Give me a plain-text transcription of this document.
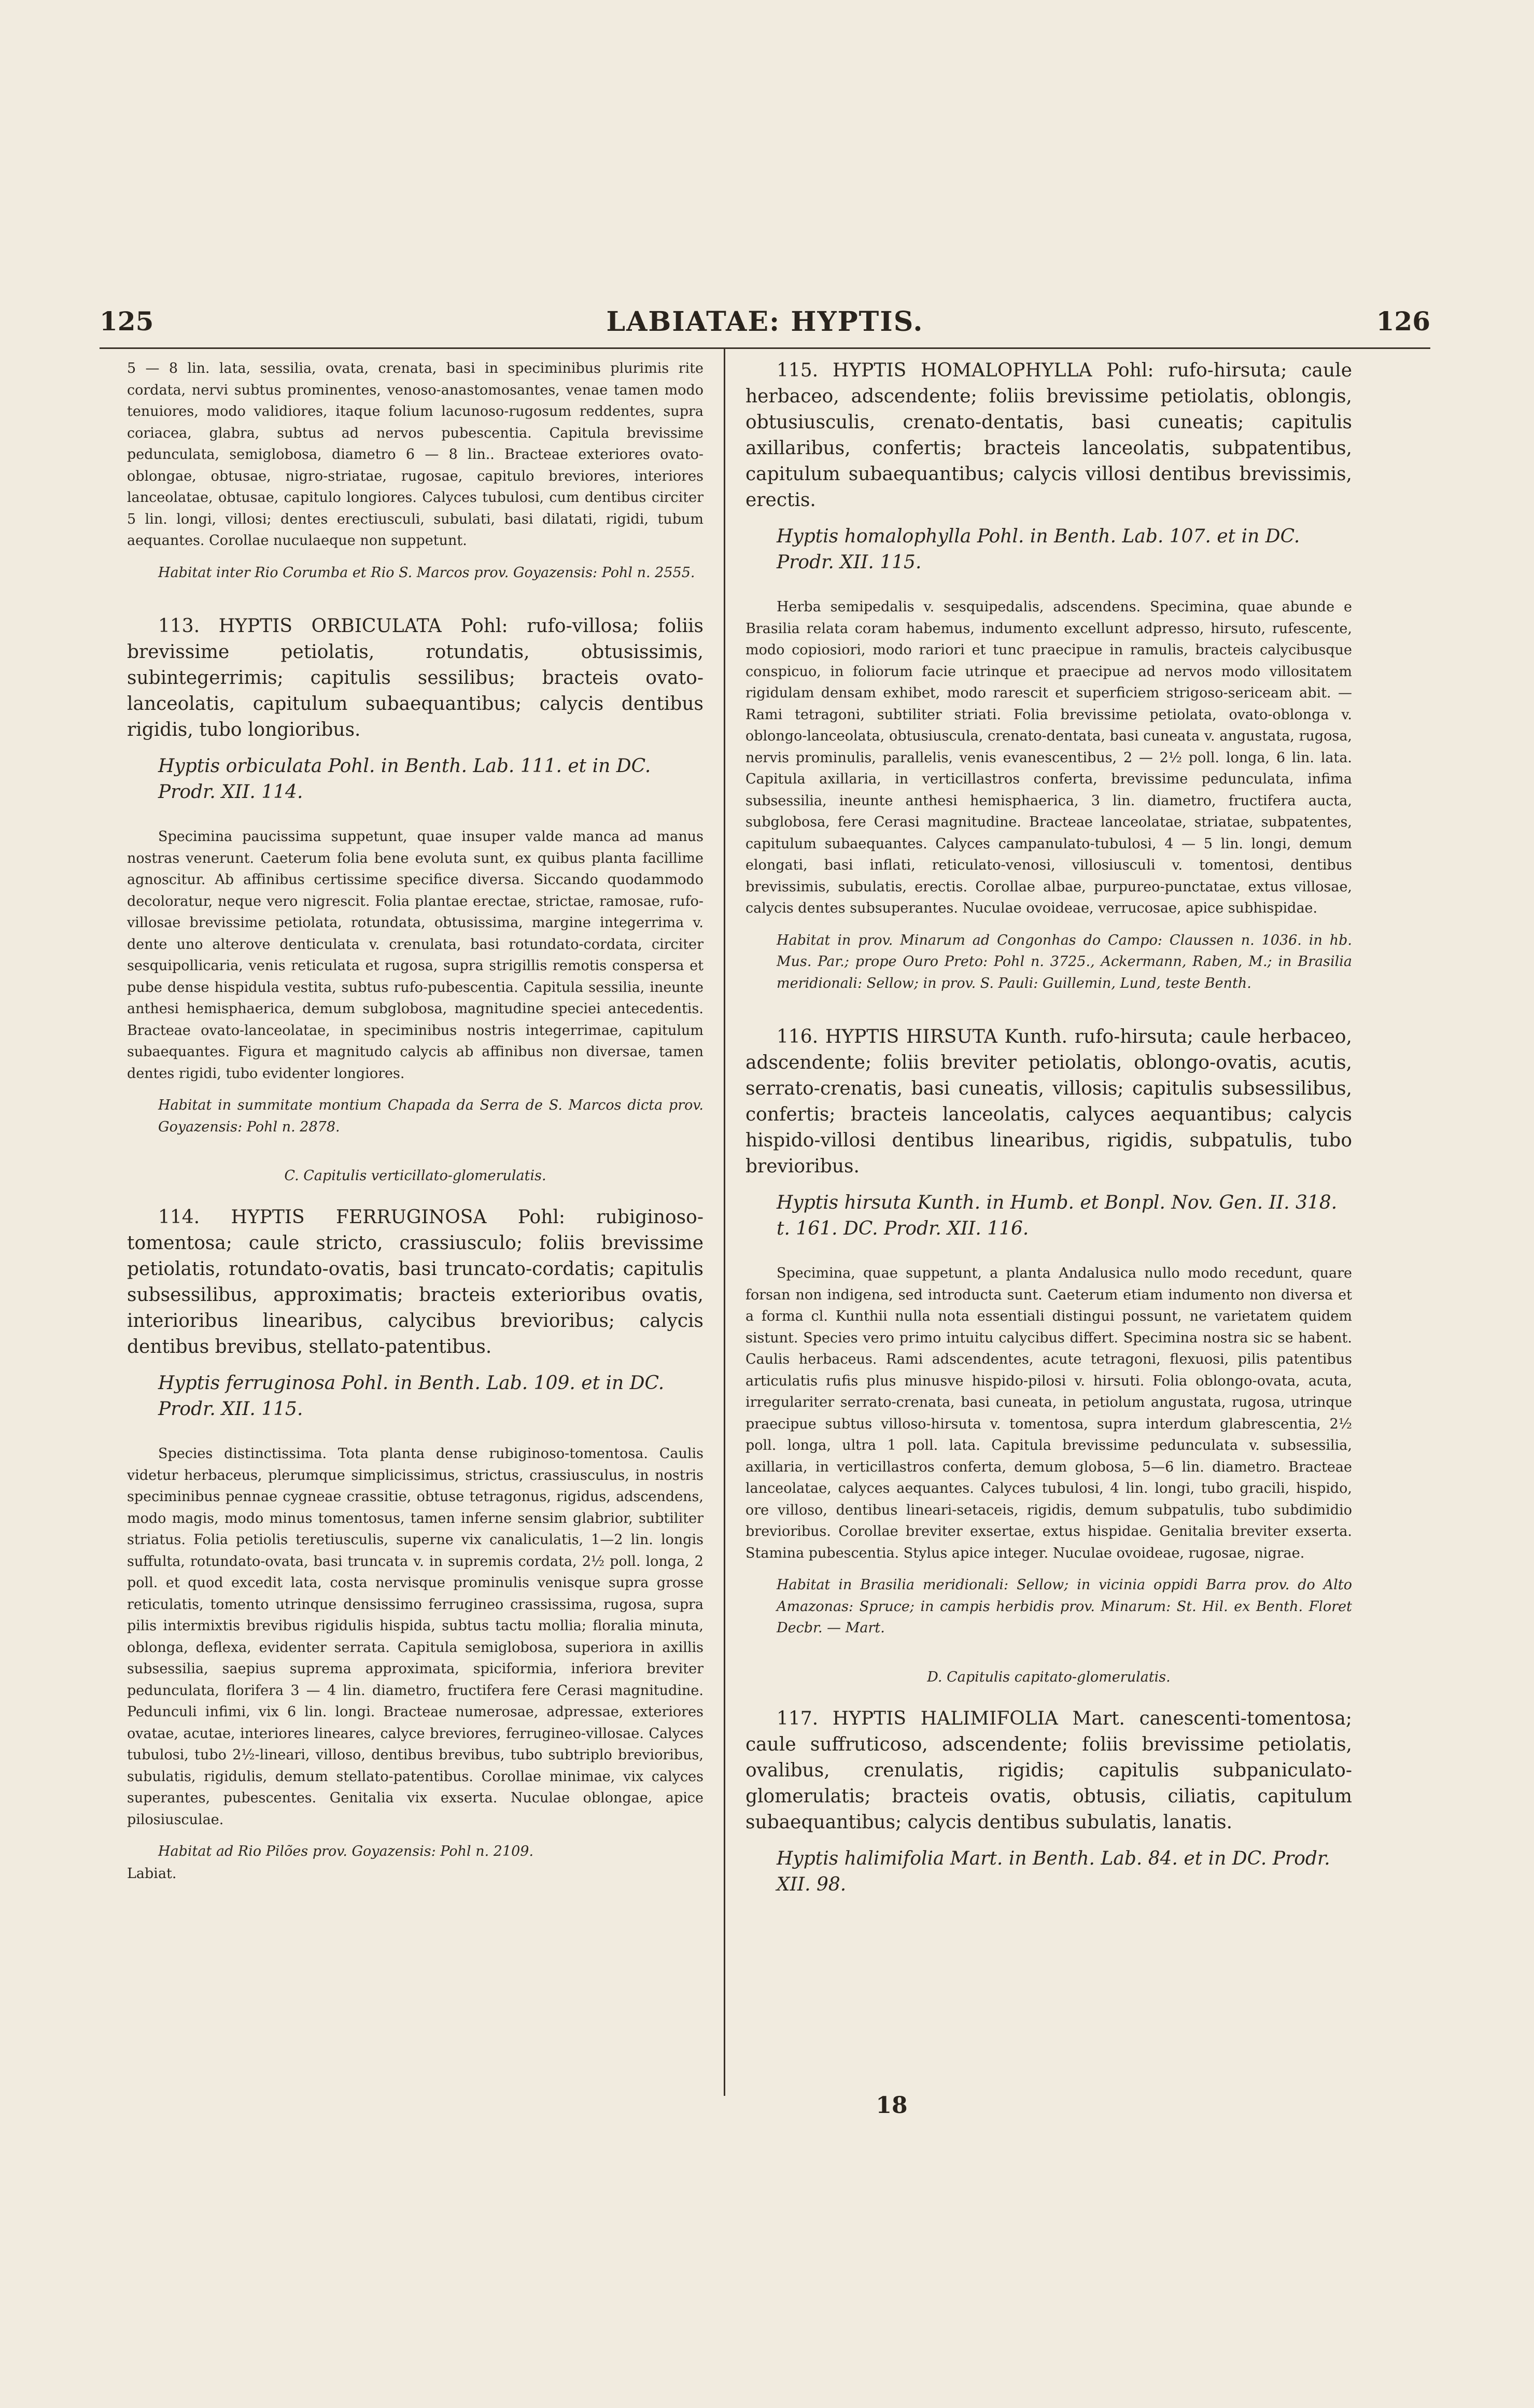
125	LABIATAE: HYPTIS.	126

5 — 8 lin. lata, sessilia, ovata, crenata, basi in speciminibus plurimis rite cordata, nervi subtus prominentes, venoso-anastomosantes, venae tamen modo tenuiores, modo validiores, itaque folium lacunoso-rugosum reddentes, supra coriacea, glabra, subtus ad nervos pubescentia. Capitula brevissime pedunculata, semiglobosa, diametro 6 — 8 lin.. Bracteae exteriores ovato-oblongae, obtusae, nigro-striatae, rugosae, capitulo breviores, interiores lanceolatae, obtusae, capitulo longiores. Calyces tubulosi, cum dentibus circiter 5 lin. longi, villosi; dentes erectiusculi, subulati, basi dilatati, rigidi, tubum aequantes. Corollae nuculaeque non suppetunt.

Habitat inter Rio Corumba et Rio S. Marcos prov. Goyazensis: Pohl n. 2555.

113. HYPTIS ORBICULATA Pohl: rufo-villosa; foliis brevissime petiolatis, rotundatis, obtusissimis, subintegerrimis; capitulis sessilibus; bracteis ovato-lanceolatis, capitulum subaequantibus; calycis dentibus rigidis, tubo longioribus.

Hyptis orbiculata Pohl. in Benth. Lab. 111. et in DC. Prodr. XII. 114.

Specimina paucissima suppetunt, quae insuper valde manca ad manus nostras venerunt. Caeterum folia bene evoluta sunt, ex quibus planta facillime agnoscitur. Ab affinibus certissime specifice diversa. Siccando quodammodo decoloratur, neque vero nigrescit. Folia plantae erectae, strictae, ramosae, rufo-villosae brevissime petiolata, rotundata, obtusissima, margine integerrima v. dente uno alterove denticulata v. crenulata, basi rotundato-cordata, circiter sesquipollicaria, venis reticulata et rugosa, supra strigillis remotis conspersa et pube dense hispidula vestita, subtus rufo-pubescentia. Capitula sessilia, ineunte anthesi hemisphaerica, demum subglobosa, magnitudine speciei antecedentis. Bracteae ovato-lanceolatae, in speciminibus nostris integerrimae, capitulum subaequantes. Figura et magnitudo calycis ab affinibus non diversae, tamen dentes rigidi, tubo evidenter longiores.

Habitat in summitate montium Chapada da Serra de S. Marcos dicta prov. Goyazensis: Pohl n. 2878.

C. Capitulis verticillato-glomerulatis.

114. HYPTIS FERRUGINOSA Pohl: rubiginoso-tomentosa; caule stricto, crassiusculo; foliis brevissime petiolatis, rotundato-ovatis, basi truncato-cordatis; capitulis subsessilibus, approximatis; bracteis exterioribus ovatis, interioribus linearibus, calycibus brevioribus; calycis dentibus brevibus, stellato-patentibus.

Hyptis ferruginosa Pohl. in Benth. Lab. 109. et in DC. Prodr. XII. 115.

Species distinctissima. Tota planta dense rubiginoso-tomentosa. Caulis videtur herbaceus, plerumque simplicissimus, strictus, crassiusculus, in nostris speciminibus pennae cygneae crassitie, obtuse tetragonus, rigidus, adscendens, modo magis, modo minus tomentosus, tamen inferne sensim glabrior, subtiliter striatus. Folia petiolis teretiusculis, superne vix canaliculatis, 1—2 lin. longis suffulta, rotundato-ovata, basi truncata v. in supremis cordata, 2½ poll. longa, 2 poll. et quod excedit lata, costa nervisque prominulis venisque supra grosse reticulatis, tomento utrinque densissimo ferrugineo crassissima, rugosa, supra pilis intermixtis brevibus rigidulis hispida, subtus tactu mollia; floralia minuta, oblonga, deflexa, evidenter serrata. Capitula semiglobosa, superiora in axillis subsessilia, saepius suprema approximata, spiciformia, inferiora breviter pedunculata, florifera 3 — 4 lin. diametro, fructifera fere Cerasi magnitudine. Pedunculi infimi, vix 6 lin. longi. Bracteae numerosae, adpressae, exteriores ovatae, acutae, interiores lineares, calyce breviores, ferrugineo-villosae. Calyces tubulosi, tubo 2½-lineari, villoso, dentibus brevibus, tubo subtriplo brevioribus, subulatis, rigidulis, demum stellato-patentibus. Corollae minimae, vix calyces superantes, pubescentes. Genitalia vix exserta. Nuculae oblongae, apice pilosiusculae.

Habitat ad Rio Pilões prov. Goyazensis: Pohl n. 2109.

Labiat.

115. HYPTIS HOMALOPHYLLA Pohl: rufo-hirsuta; caule herbaceo, adscendente; foliis brevissime petiolatis, oblongis, obtusiusculis, crenato-dentatis, basi cuneatis; capitulis axillaribus, confertis; bracteis lanceolatis, subpatentibus, capitulum subaequantibus; calycis villosi dentibus brevissimis, erectis.

Hyptis homalophylla Pohl. in Benth. Lab. 107. et in DC. Prodr. XII. 115.

Herba semipedalis v. sesquipedalis, adscendens. Specimina, quae abunde e Brasilia relata coram habemus, indumento excellunt adpresso, hirsuto, rufescente, modo copiosiori, modo rariori et tunc praecipue in ramulis, bracteis calycibusque conspicuo, in foliorum facie utrinque et praecipue ad nervos modo villositatem rigidulam densam exhibet, modo rarescit et superficiem strigoso-sericeam abit. — Rami tetragoni, subtiliter striati. Folia brevissime petiolata, ovato-oblonga v. oblongo-lanceolata, obtusiuscula, crenato-dentata, basi cuneata v. angustata, rugosa, nervis prominulis, parallelis, venis evanescentibus, 2 — 2½ poll. longa, 6 lin. lata. Capitula axillaria, in verticillastros conferta, brevissime pedunculata, infima subsessilia, ineunte anthesi hemisphaerica, 3 lin. diametro, fructifera aucta, subglobosa, fere Cerasi magnitudine. Bracteae lanceolatae, striatae, subpatentes, capitulum subaequantes. Calyces campanulato-tubulosi, 4 — 5 lin. longi, demum elongati, basi inflati, reticulato-venosi, villosiusculi v. tomentosi, dentibus brevissimis, subulatis, erectis. Corollae albae, purpureo-punctatae, extus villosae, calycis dentes subsuperantes. Nuculae ovoideae, verrucosae, apice subhispidae.

Habitat in prov. Minarum ad Congonhas do Campo: Claussen n. 1036. in hb. Mus. Par.; prope Ouro Preto: Pohl n. 3725., Ackermann, Raben, M.; in Brasilia meridionali: Sellow; in prov. S. Pauli: Guillemin, Lund, teste Benth.

116. HYPTIS HIRSUTA Kunth. rufo-hirsuta; caule herbaceo, adscendente; foliis breviter petiolatis, oblongo-ovatis, acutis, serrato-crenatis, basi cuneatis, villosis; capitulis subsessilibus, confertis; bracteis lanceolatis, calyces aequantibus; calycis hispido-villosi dentibus linearibus, rigidis, subpatulis, tubo brevioribus.

Hyptis hirsuta Kunth. in Humb. et Bonpl. Nov. Gen. II. 318. t. 161. DC. Prodr. XII. 116.

Specimina, quae suppetunt, a planta Andalusica nullo modo recedunt, quare forsan non indigena, sed introducta sunt. Caeterum etiam indumento non diversa et a forma cl. Kunthii nulla nota essentiali distingui possunt, ne varietatem quidem sistunt. Species vero primo intuitu calycibus differt. Specimina nostra sic se habent. Caulis herbaceus. Rami adscendentes, acute tetragoni, flexuosi, pilis patentibus articulatis rufis plus minusve hispido-pilosi v. hirsuti. Folia oblongo-ovata, acuta, irregulariter serrato-crenata, basi cuneata, in petiolum angustata, rugosa, utrinque praecipue subtus villoso-hirsuta v. tomentosa, supra interdum glabrescentia, 2½ poll. longa, ultra 1 poll. lata. Capitula brevissime pedunculata v. subsessilia, axillaria, in verticillastros conferta, demum globosa, 5—6 lin. diametro. Bracteae lanceolatae, calyces aequantes. Calyces tubulosi, 4 lin. longi, tubo gracili, hispido, ore villoso, dentibus lineari-setaceis, rigidis, demum subpatulis, tubo subdimidio brevioribus. Corollae breviter exsertae, extus hispidae. Genitalia breviter exserta. Stamina pubescentia. Stylus apice integer. Nuculae ovoideae, rugosae, nigrae.

Habitat in Brasilia meridionali: Sellow; in vicinia oppidi Barra prov. do Alto Amazonas: Spruce; in campis herbidis prov. Minarum: St. Hil. ex Benth. Floret Decbr. — Mart.

D. Capitulis capitato-glomerulatis.

117. HYPTIS HALIMIFOLIA Mart. canescenti-tomentosa; caule suffruticoso, adscendente; foliis brevissime petiolatis, ovalibus, crenulatis, rigidis; capitulis subpaniculato-glomerulatis; bracteis ovatis, obtusis, ciliatis, capitulum subaequantibus; calycis dentibus subulatis, lanatis.

Hyptis halimifolia Mart. in Benth. Lab. 84. et in DC. Prodr. XII. 98.

18
